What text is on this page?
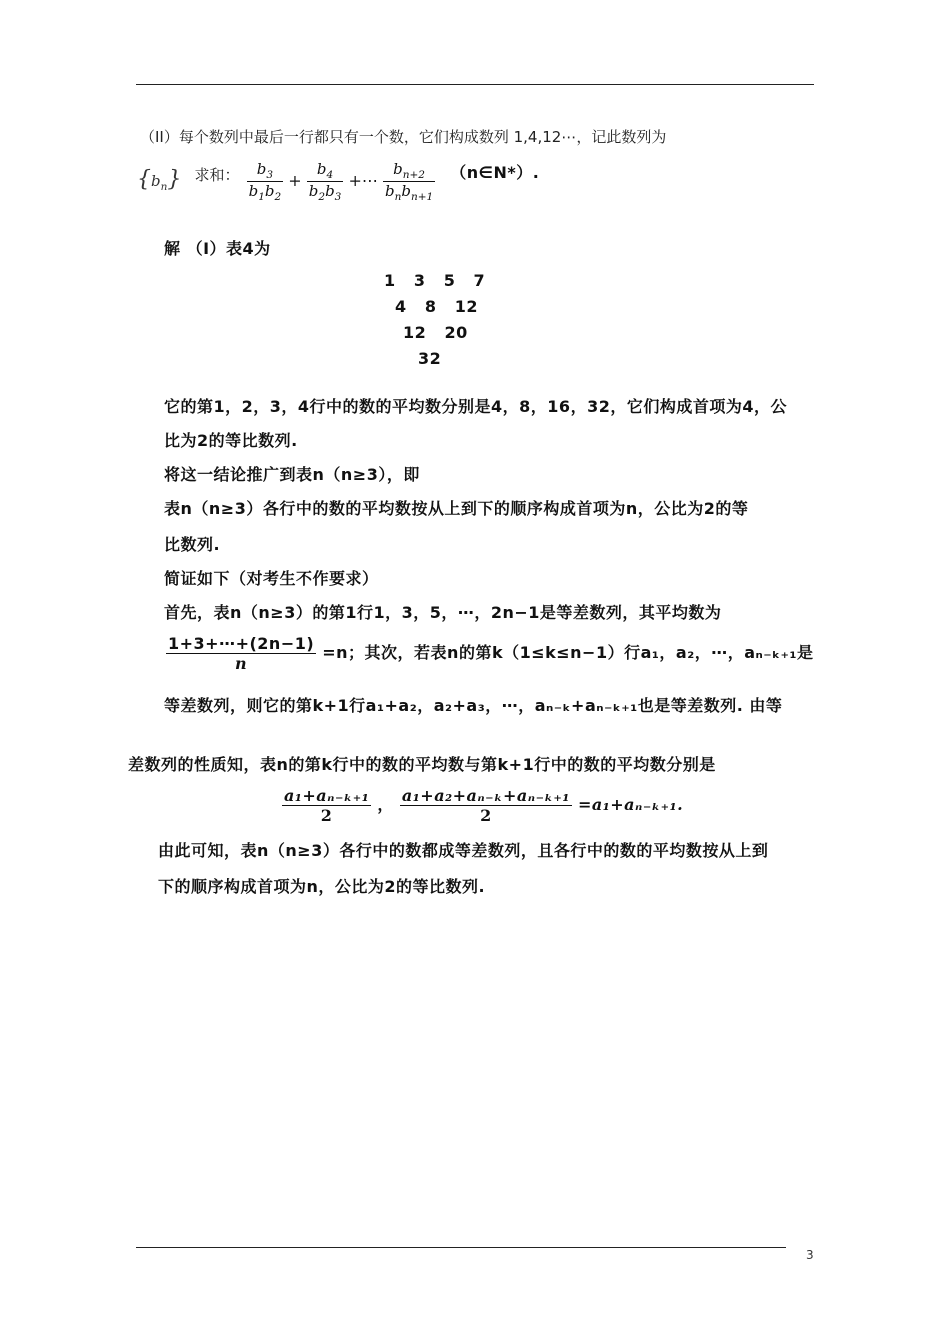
（II）每个数列中最后一行都只有一个数，它们构成数列 1,4,12⋯，记此数列为
$\{b_n\}$ 求和： $\frac{b_3}{b_1b_2} + \frac{b_4}{b_2b_3}$ +⋯ $\frac{b_{n+2}}{b_nb_{n+1}}$ （n∈N*）.
解 （Ⅰ）表4为
1   3   5   7
4   8   12
12   20
32
它的第1，2，3，4行中的数的平均数分别是4，8，16，32，它们构成首项为4，公
比为2的等比数列.
将这一结论推广到表n（n≥3），即
表n（n≥3）各行中的数的平均数按从上到下的顺序构成首项为n，公比为2的等
比数列.
简证如下（对考生不作要求）
首先，表n（n≥3）的第1行1，3，5，⋯，2n−1是等差数列，其平均数为
$\frac{1+3+\cdots+(2n-1)}{n} =n$；其次，若表n的第k（1≤k≤n−1）行a₁，a₂，⋯，aₙ₋ₖ₊₁是
等差数列，则它的第k+1行a₁+a₂，a₂+a₃，⋯，aₙ₋ₖ+aₙ₋ₖ₊₁也是等差数列. 由等
差数列的性质知，表n的第k行中的数的平均数与第k+1行中的数的平均数分别是
$\frac{\text{a₁+aₙ₋ₖ₊₁}}{2}$ ， $\frac{\text{a₁+a₂+aₙ₋ₖ+aₙ₋ₖ₊₁}}{2} =a_1+a_{n-k+1}$.
由此可知，表n（n≥3）各行中的数都成等差数列，且各行中的数的平均数按从上到
下的顺序构成首项为n，公比为2的等比数列.
3
